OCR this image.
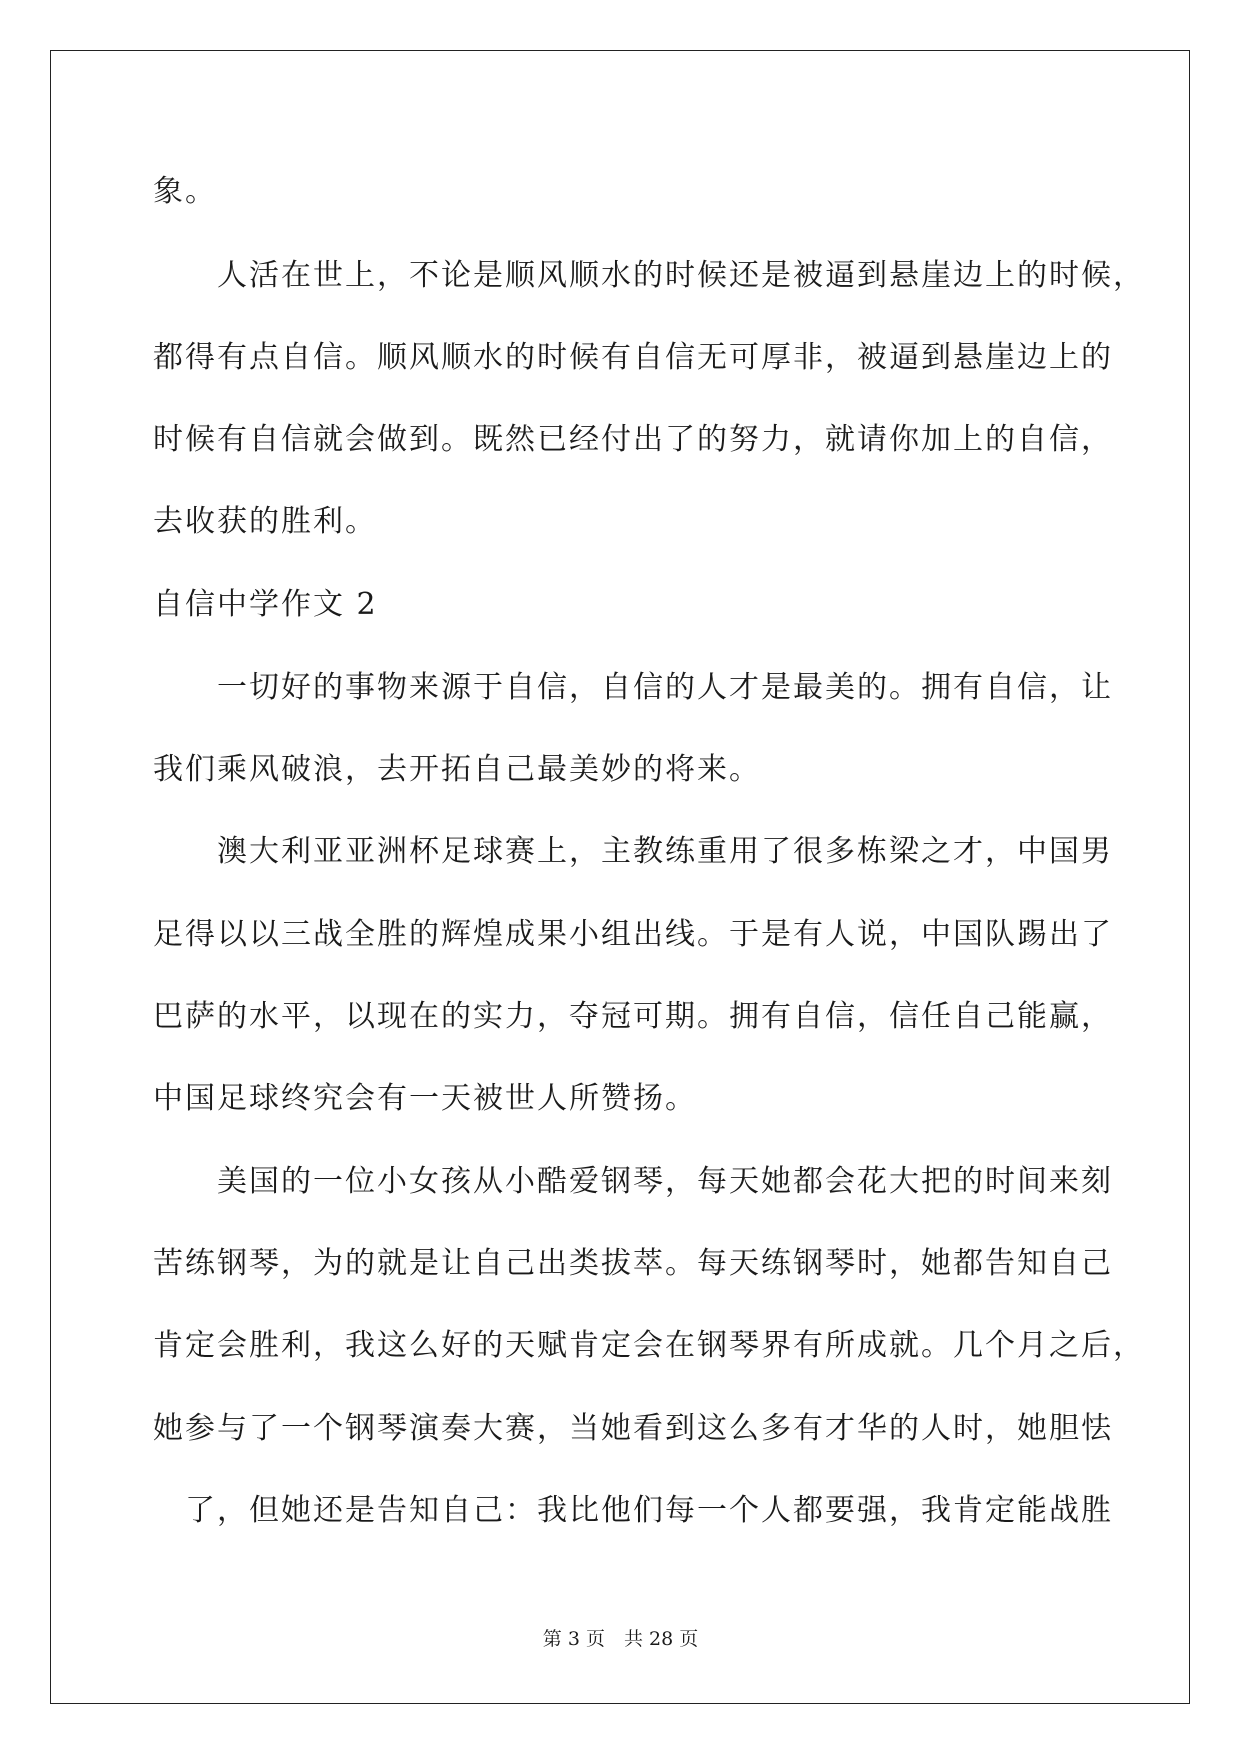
象。
　　人活在世上，不论是顺风顺水的时候还是被逼到悬崖边上的时候，
都得有点自信。顺风顺水的时候有自信无可厚非，被逼到悬崖边上的
时候有自信就会做到。既然已经付出了的努力，就请你加上的自信，
去收获的胜利。
自信中学作文 2
　　一切好的事物来源于自信，自信的人才是最美的。拥有自信，让
我们乘风破浪，去开拓自己最美妙的将来。
　　澳大利亚亚洲杯足球赛上，主教练重用了很多栋梁之才，中国男
足得以以三战全胜的辉煌成果小组出线。于是有人说，中国队踢出了
巴萨的水平，以现在的实力，夺冠可期。拥有自信，信任自己能赢，
中国足球终究会有一天被世人所赞扬。
　　美国的一位小女孩从小酷爱钢琴，每天她都会花大把的时间来刻
苦练钢琴，为的就是让自己出类拔萃。每天练钢琴时，她都告知自己
肯定会胜利，我这么好的天赋肯定会在钢琴界有所成就。几个月之后，
她参与了一个钢琴演奏大赛，当她看到这么多有才华的人时，她胆怯
　了，但她还是告知自己：我比他们每一个人都要强，我肯定能战胜
第 3 页　共 28 页
